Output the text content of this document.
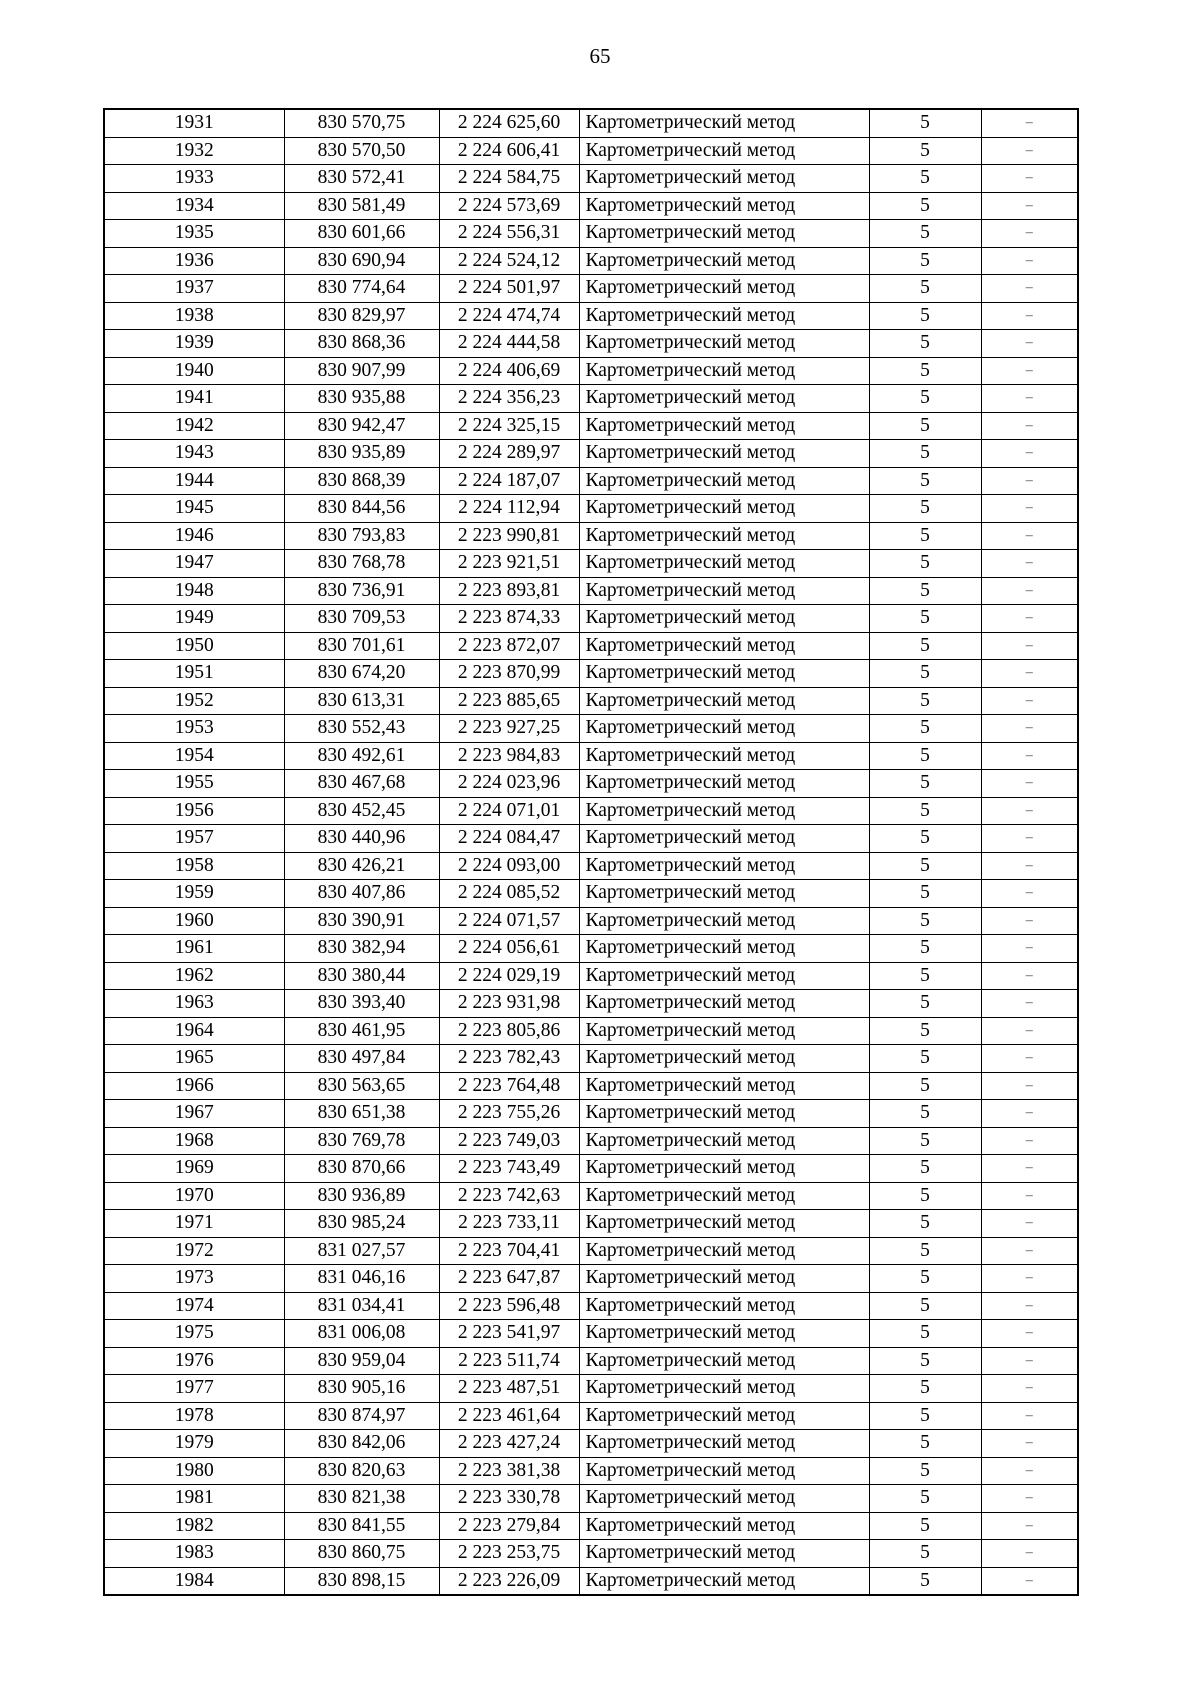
65
1931	830 570,75	2 224 625,60	Картометрический метод	5	–
1932	830 570,50	2 224 606,41	Картометрический метод	5	–
1933	830 572,41	2 224 584,75	Картометрический метод	5	–
1934	830 581,49	2 224 573,69	Картометрический метод	5	–
1935	830 601,66	2 224 556,31	Картометрический метод	5	–
1936	830 690,94	2 224 524,12	Картометрический метод	5	–
1937	830 774,64	2 224 501,97	Картометрический метод	5	–
1938	830 829,97	2 224 474,74	Картометрический метод	5	–
1939	830 868,36	2 224 444,58	Картометрический метод	5	–
1940	830 907,99	2 224 406,69	Картометрический метод	5	–
1941	830 935,88	2 224 356,23	Картометрический метод	5	–
1942	830 942,47	2 224 325,15	Картометрический метод	5	–
1943	830 935,89	2 224 289,97	Картометрический метод	5	–
1944	830 868,39	2 224 187,07	Картометрический метод	5	–
1945	830 844,56	2 224 112,94	Картометрический метод	5	–
1946	830 793,83	2 223 990,81	Картометрический метод	5	–
1947	830 768,78	2 223 921,51	Картометрический метод	5	–
1948	830 736,91	2 223 893,81	Картометрический метод	5	–
1949	830 709,53	2 223 874,33	Картометрический метод	5	–
1950	830 701,61	2 223 872,07	Картометрический метод	5	–
1951	830 674,20	2 223 870,99	Картометрический метод	5	–
1952	830 613,31	2 223 885,65	Картометрический метод	5	–
1953	830 552,43	2 223 927,25	Картометрический метод	5	–
1954	830 492,61	2 223 984,83	Картометрический метод	5	–
1955	830 467,68	2 224 023,96	Картометрический метод	5	–
1956	830 452,45	2 224 071,01	Картометрический метод	5	–
1957	830 440,96	2 224 084,47	Картометрический метод	5	–
1958	830 426,21	2 224 093,00	Картометрический метод	5	–
1959	830 407,86	2 224 085,52	Картометрический метод	5	–
1960	830 390,91	2 224 071,57	Картометрический метод	5	–
1961	830 382,94	2 224 056,61	Картометрический метод	5	–
1962	830 380,44	2 224 029,19	Картометрический метод	5	–
1963	830 393,40	2 223 931,98	Картометрический метод	5	–
1964	830 461,95	2 223 805,86	Картометрический метод	5	–
1965	830 497,84	2 223 782,43	Картометрический метод	5	–
1966	830 563,65	2 223 764,48	Картометрический метод	5	–
1967	830 651,38	2 223 755,26	Картометрический метод	5	–
1968	830 769,78	2 223 749,03	Картометрический метод	5	–
1969	830 870,66	2 223 743,49	Картометрический метод	5	–
1970	830 936,89	2 223 742,63	Картометрический метод	5	–
1971	830 985,24	2 223 733,11	Картометрический метод	5	–
1972	831 027,57	2 223 704,41	Картометрический метод	5	–
1973	831 046,16	2 223 647,87	Картометрический метод	5	–
1974	831 034,41	2 223 596,48	Картометрический метод	5	–
1975	831 006,08	2 223 541,97	Картометрический метод	5	–
1976	830 959,04	2 223 511,74	Картометрический метод	5	–
1977	830 905,16	2 223 487,51	Картометрический метод	5	–
1978	830 874,97	2 223 461,64	Картометрический метод	5	–
1979	830 842,06	2 223 427,24	Картометрический метод	5	–
1980	830 820,63	2 223 381,38	Картометрический метод	5	–
1981	830 821,38	2 223 330,78	Картометрический метод	5	–
1982	830 841,55	2 223 279,84	Картометрический метод	5	–
1983	830 860,75	2 223 253,75	Картометрический метод	5	–
1984	830 898,15	2 223 226,09	Картометрический метод	5	–
